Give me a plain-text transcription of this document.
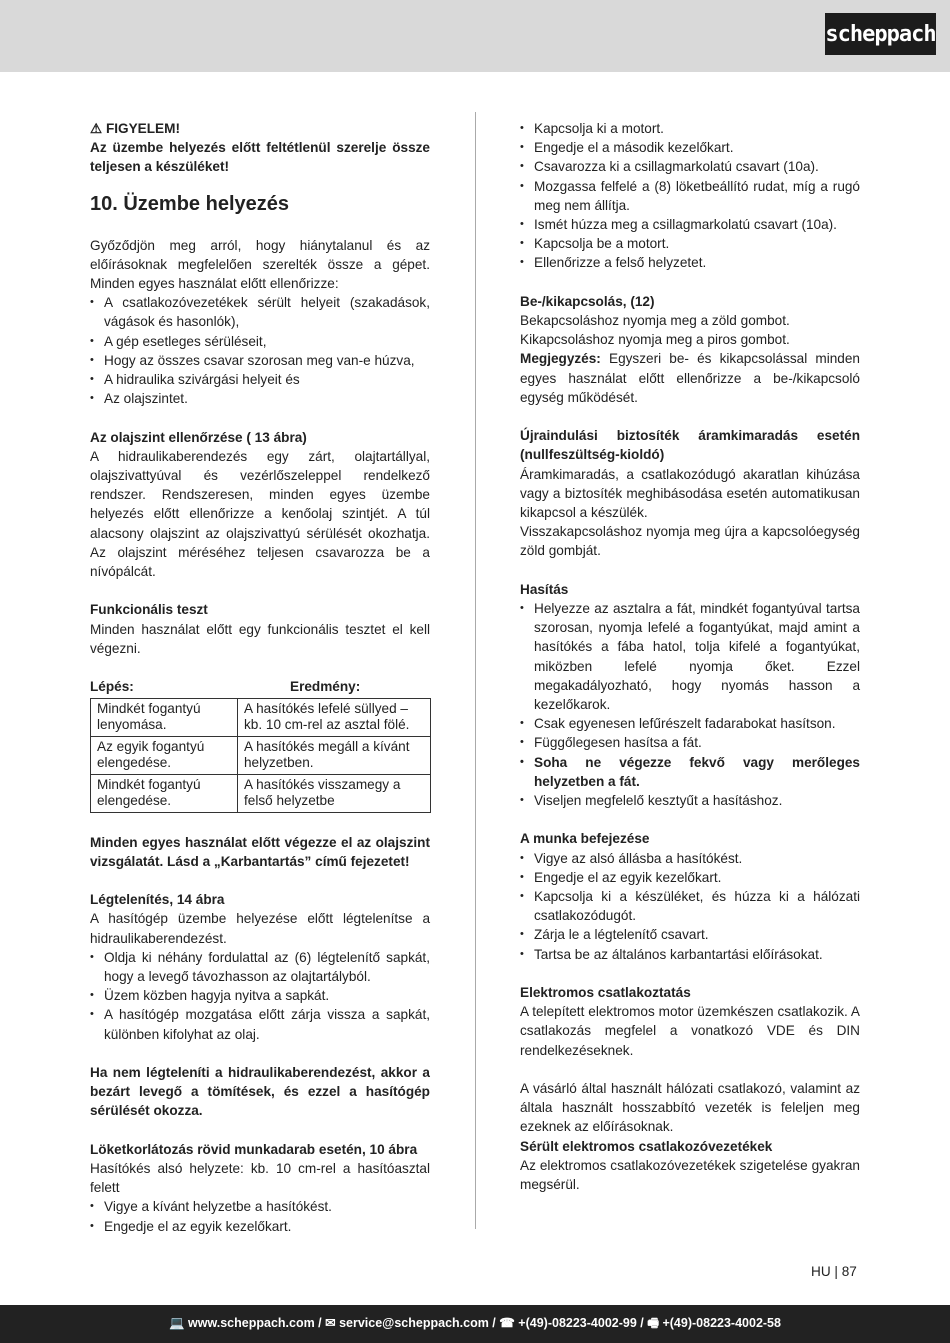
scheppach

⚠ FIGYELEM!

Az üzembe helyezés előtt feltétlenül szerelje össze teljesen a készüléket!

10. Üzembe helyezés

Győződjön meg arról, hogy hiánytalanul és az előírásoknak megfelelően szerelték össze a gépet. Minden egyes használat előtt ellenőrizze:

• A csatlakozóvezetékek sérült helyeit (szakadások, vágások és hasonlók),
• A gép esetleges sérüléseit,
• Hogy az összes csavar szorosan meg van-e húzva,
• A hidraulika szivárgási helyeit és
• Az olajszintet.

Az olajszint ellenőrzése ( 13 ábra)

A hidraulikaberendezés egy zárt, olajtartállyal, olajszivattyúval és vezérlőszeleppel rendelkező rendszer. Rendszeresen, minden egyes üzembe helyezés előtt ellenőrizze a kenőolaj szintjét. A túl alacsony olajszint az olajszivattyú sérülését okozhatja. Az olajszint méréséhez teljesen csavarozza be a nívópálcát.

Funkcionális teszt

Minden használat előtt egy funkcionális tesztet el kell végezni.

Lépés:	Eredmény:
Mindkét fogantyú lenyomása.	A hasítókés lefelé süllyed – kb. 10 cm-rel az asztal fölé.
Az egyik fogantyú elengedése.	A hasítókés megáll a kívánt helyzetben.
Mindkét fogantyú elengedése.	A hasítókés visszamegy a felső helyzetbe

Minden egyes használat előtt végezze el az olajszint vizsgálatát. Lásd a „Karbantartás” című fejezetet!

Légtelenítés, 14 ábra

A hasítógép üzembe helyezése előtt légtelenítse a hidraulikaberendezést.

• Oldja ki néhány fordulattal az (6) légtelenítő sapkát, hogy a levegő távozhasson az olajtartályból.
• Üzem közben hagyja nyitva a sapkát.
• A hasítógép mozgatása előtt zárja vissza a sapkát, különben kifolyhat az olaj.

Ha nem légteleníti a hidraulikaberendezést, akkor a bezárt levegő a tömítések, és ezzel a hasítógép sérülését okozza.

Löketkorlátozás rövid munkadarab esetén, 10 ábra

Hasítókés alsó helyzete: kb. 10 cm-rel a hasítóasztal felett

• Vigye a kívánt helyzetbe a hasítókést.
• Engedje el az egyik kezelőkart.
• Kapcsolja ki a motort.
• Engedje el a második kezelőkart.
• Csavarozza ki a csillagmarkolatú csavart (10a).
• Mozgassa felfelé a (8) löketbeállító rudat, míg a rugó meg nem állítja.
• Ismét húzza meg a csillagmarkolatú csavart (10a).
• Kapcsolja be a motort.
• Ellenőrizze a felső helyzetet.

Be-/kikapcsolás, (12)

Bekapcsoláshoz nyomja meg a zöld gombot.

Kikapcsoláshoz nyomja meg a piros gombot.

Megjegyzés: Egyszeri be- és kikapcsolással minden egyes használat előtt ellenőrizze a be-/kikapcsoló egység működését.

Újraindulási biztosíték áramkimaradás esetén (nullfeszültség-kioldó)

Áramkimaradás, a csatlakozódugó akaratlan kihúzása vagy a biztosíték meghibásodása esetén automatikusan kikapcsol a készülék.

Visszakapcsoláshoz nyomja meg újra a kapcsolóegység zöld gombját.

Hasítás

• Helyezze az asztalra a fát, mindkét fogantyúval tartsa szorosan, nyomja lefelé a fogantyúkat, majd amint a hasítókés a fába hatol, tolja kifelé a fogantyúkat, miközben lefelé nyomja őket. Ezzel megakadályozható, hogy nyomás hasson a kezelőkarok.
• Csak egyenesen lefűrészelt fadarabokat hasítson.
• Függőlegesen hasítsa a fát.
• Soha ne végezze fekvő vagy merőleges helyzetben a fát.
• Viseljen megfelelő kesztyűt a hasításhoz.

A munka befejezése

• Vigye az alsó állásba a hasítókést.
• Engedje el az egyik kezelőkart.
• Kapcsolja ki a készüléket, és húzza ki a hálózati csatlakozódugót.
• Zárja le a légtelenítő csavart.
• Tartsa be az általános karbantartási előírásokat.

Elektromos csatlakoztatás

A telepített elektromos motor üzemkészen csatlakozik. A csatlakozás megfelel a vonatkozó VDE és DIN rendelkezéseknek.

A vásárló által használt hálózati csatlakozó, valamint az általa használt hosszabbító vezeték is feleljen meg ezeknek az előírásoknak.

Sérült elektromos csatlakozóvezetékek

Az elektromos csatlakozóvezetékek szigetelése gyakran megsérül.

HU | 87
💻 www.scheppach.com / ✉ service@scheppach.com / ☎ +(49)-08223-4002-99 / 🖷 +(49)-08223-4002-58
